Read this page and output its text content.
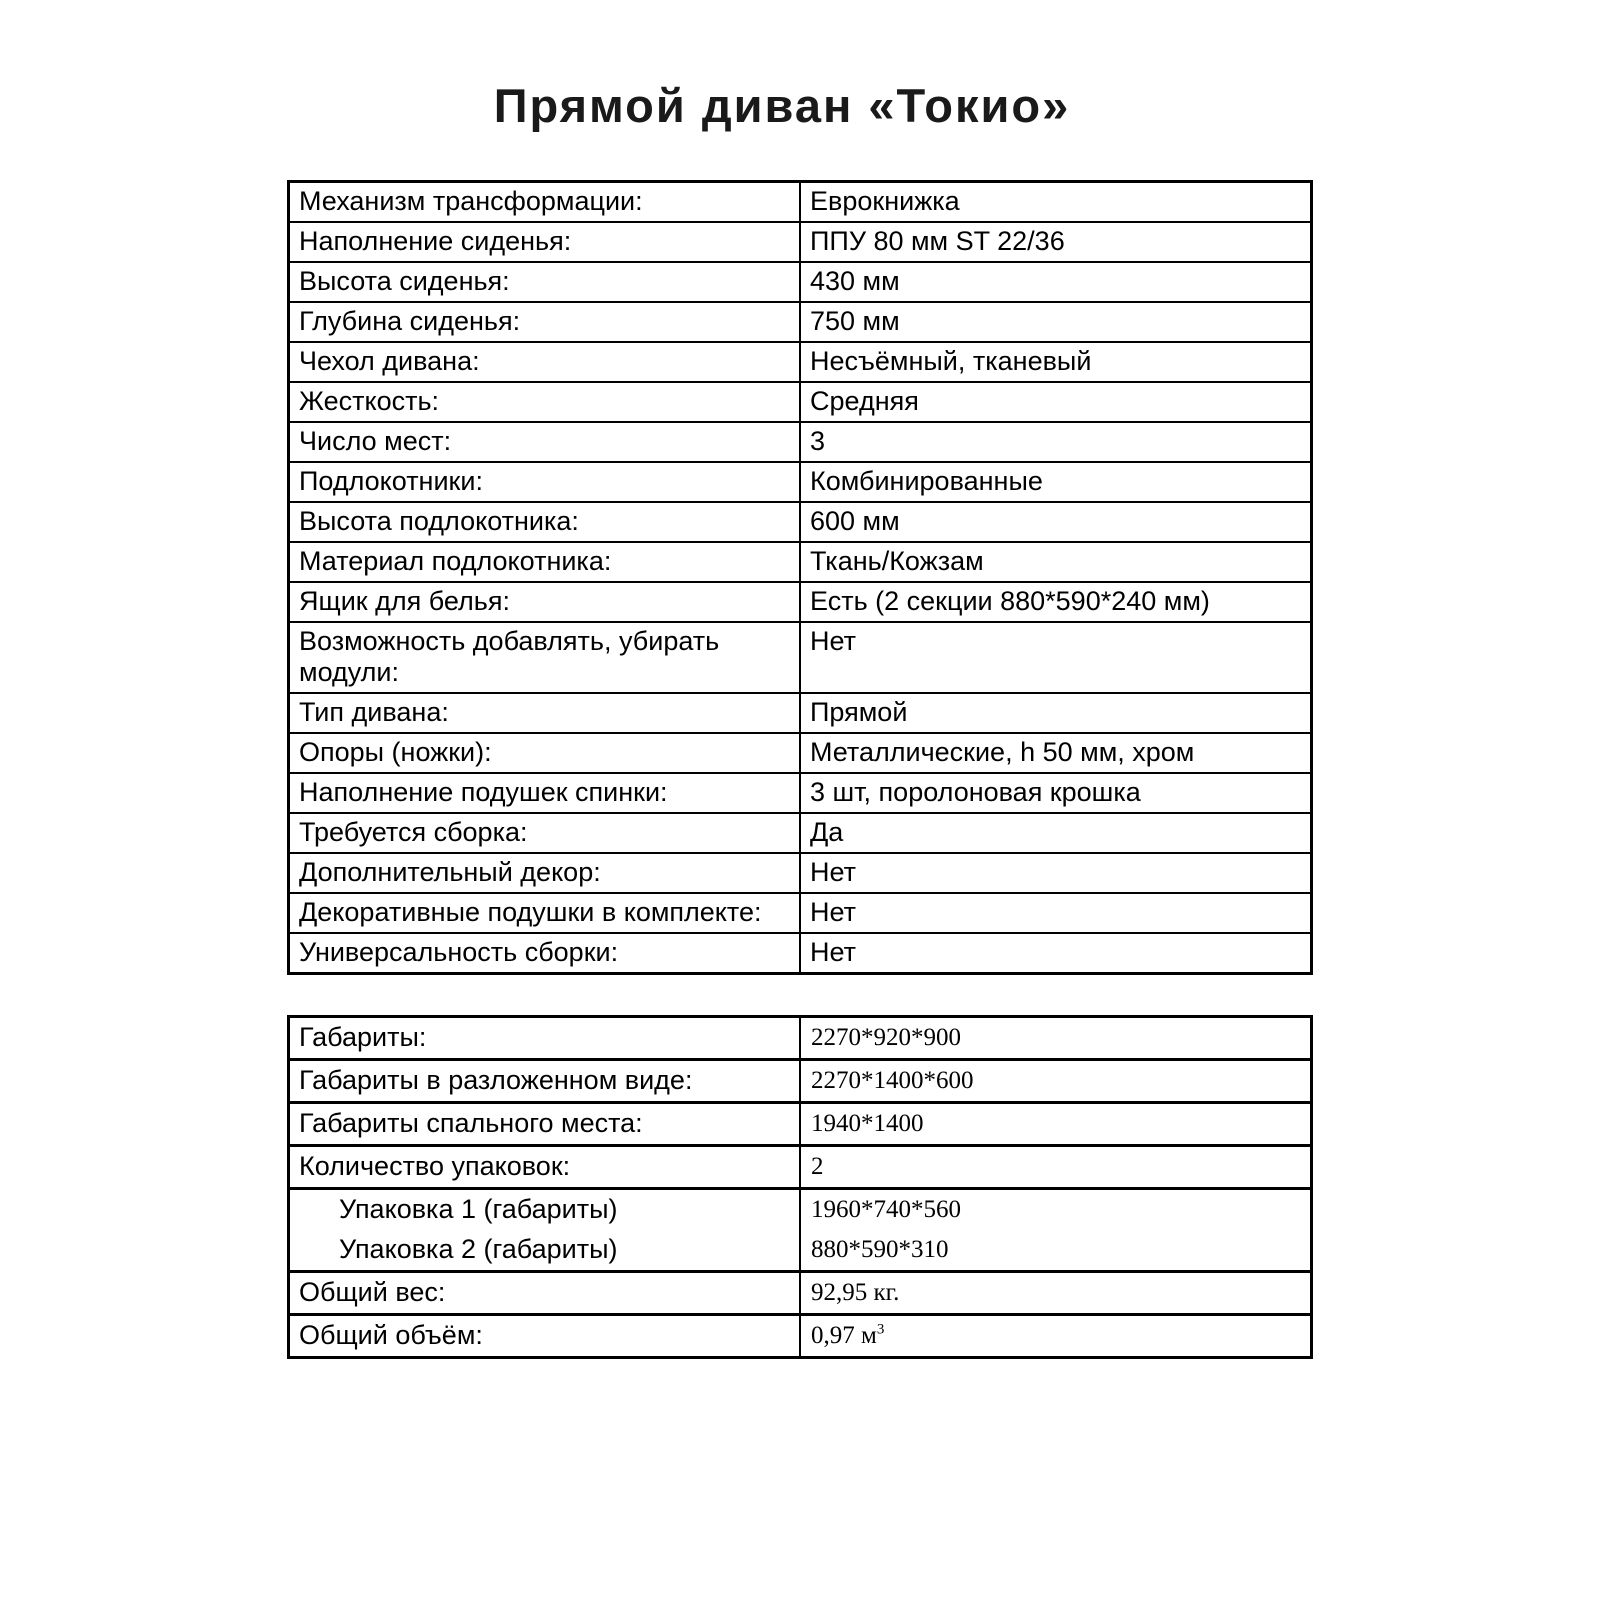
Прямой диван «Токио»
Механизм трансформации:	Еврокнижка
Наполнение сиденья:	ППУ 80 мм ST 22/36
Высота сиденья:	430 мм
Глубина сиденья:	750 мм
Чехол дивана:	Несъёмный, тканевый
Жесткость:	Средняя
Число мест:	3
Подлокотники:	Комбинированные
Высота подлокотника:	600 мм
Материал подлокотника:	Ткань/Кожзам
Ящик для белья:	Есть (2 секции 880*590*240 мм)
Возможность добавлять, убирать модули:	Нет
Тип дивана:	Прямой
Опоры (ножки):	Металлические, h 50 мм, хром
Наполнение подушек спинки:	3 шт, поролоновая крошка
Требуется сборка:	Да
Дополнительный декор:	Нет
Декоративные подушки в комплекте:	Нет
Универсальность сборки:	Нет
Габариты:	2270*920*900
Габариты в разложенном виде:	2270*1400*600
Габариты спального места:	1940*1400
Количество упаковок:	2
Упаковка 1 (габариты)	1960*740*560
Упаковка 2 (габариты)	880*590*310
Общий вес:	92,95 кг.
Общий объём:	0,97 $м^3$
